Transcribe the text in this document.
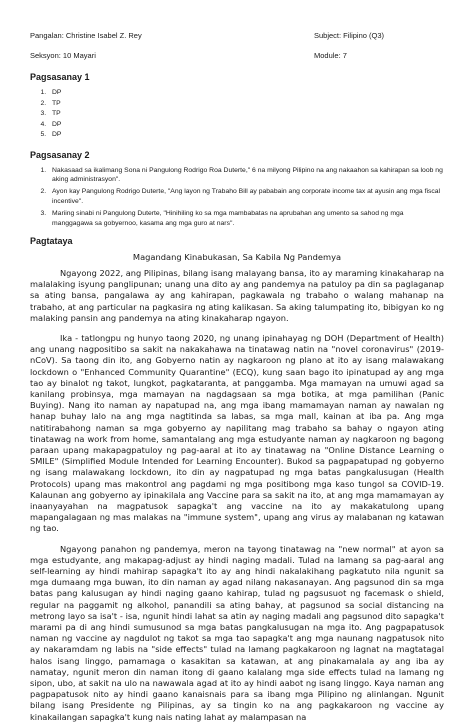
Pangalan: Christine Isabel Z. Rey	Subject: Filipino (Q3)
Seksyon: 10 Mayari	Module: 7
Pagsasanay 1
1. DP
2. TP
3. TP
4. DP
5. DP
Pagsasanay 2
1. Nakasaad sa ikalimang Sona ni Pangulong Rodrigo Roa Duterte," 6 na milyong Pilipino na ang nakaahon sa kahirapan sa loob ng aking administrasyon".
2. Ayon kay Pangulong Rodrigo Duterte, "Ang layon ng Trabaho Bill ay pababain ang corporate income tax at ayusin ang mga fiscal incentive".
3. Mariing sinabi ni Pangulong Duterte, "Hinihiling ko sa mga mambabatas na aprubahan ang umento sa sahod ng mga manggagawa sa gobyernoo, kasama ang mga guro at nars".
Pagtataya
Magandang Kinabukasan, Sa Kabila Ng Pandemya

Ngayong 2022, ang Pilipinas, bilang isang malayang bansa, ito ay maraming kinakaharap na malalaking isyung panglipunan; unang una dito ay ang pandemya na patuloy pa din sa paglaganap sa ating bansa, pangalawa ay ang kahirapan, pagkawala ng trabaho o walang mahanap na trabaho, at ang particular na pagkasira ng ating kalikasan. Sa aking talumpating ito, bibigyan ko ng malaking pansin ang pandemya na ating kinakaharap ngayon.

Ika - tatlongpu ng hunyo taong 2020, ng unang ipinahayag ng DOH (Department of Health) ang unang nagpositibo sa sakit na nakakahawa na tinatawag natin na "novel coronavirus" (2019-nCoV). Sa taong din ito, ang Gobyerno natin ay nagkaroon ng plano at ito ay isang malawakang lockdown o "Enhanced Community Quarantine" (ECQ), kung saan bago ito ipinatupad ay ang mga tao ay binalot ng takot, lungkot, pagkataranta, at panggamba. Mga mamayan na umuwi agad sa kanilang probinsya, mga mamayan na nagdagsaan sa mga botika, at mga pamilihan (Panic Buying). Nang ito naman ay napatupad na, ang mga ibang mamamayan naman ay nawalan ng hanap buhay lalo na ang mga nagtitinda sa labas, sa mga mall, kainan at iba pa. Ang mga natitirabahong naman sa mga gobyerno ay napilitang mag trabaho sa bahay o ngayon ating tinatawag na work from home, samantalang ang mga estudyante naman ay nagkaroon ng bagong paraan upang makapagpatuloy ng pag-aaral at ito ay tinatawag na "Online Distance Learning o SMILE" (Simplified Module Intended for Learning Encounter). Bukod sa pagpapatupad ng gobyerno ng isang malawakang lockdown, ito din ay nagpatupad ng mga batas pangkalusugan (Health Protocols) upang mas makontrol ang pagdami ng mga positibong mga kaso tungol sa COVID-19. Kalaunan ang gobyerno ay ipinakilala ang Vaccine para sa sakit na ito, at ang mga mamamayan ay inaanyayahan na magpatusok sapagka't ang vaccine na ito ay makakatulong upang mapangalagaan ng mas malakas na "immune system", upang ang virus ay malabanan ng katawan ng tao.

Ngayong panahon ng pandemya, meron na tayong tinatawag na "new normal" at ayon sa mga estudyante, ang makapag-adjust ay hindi naging madali. Tulad na lamang sa pag-aaral ang self-learning ay hindi mahirap sapagka't ito ay ang hindi nakalakihang pagkatuto nila ngunit sa mga dumaang mga buwan, ito din naman ay agad nilang nakasanayan. Ang pagsunod din sa mga batas pang kalusugan ay hindi naging gaano kahirap, tulad ng pagsusuot ng facemask o shield, regular na paggamit ng alkohol, panandili sa ating bahay, at pagsunod sa social distancing na metrong layo sa isa't - isa, ngunit hindi lahat sa atin ay naging madali ang pagsunod dito sapagka't marami pa di ang hindi sumusunod sa mga batas pangkalusugan na mga ito. Ang pagpapatusok naman ng vaccine ay nagdulot ng takot sa mga tao sapagka't ang mga naunang nagpatusok nito ay nakaramdam ng labis na "side effects" tulad na lamang pagkakaroon ng lagnat na magtatagal halos isang linggo, pamamaga o kasakitan sa katawan, at ang pinakamalala ay ang iba ay namatay, ngunit meron din naman itong di gaano kalalang mga side effects tulad na lamang ng sipon, ubo, at sakit na ulo na nawawala agad at ito ay hindi aabot ng isang linggo. Kaya naman ang pagpapatusok nito ay hindi gaano kanaisnais para sa ibang mga Pilipino ng alinlangan. Ngunit bilang isang Presidente ng Pilipinas, ay sa tingin ko na ang pagkakaroon ng vaccine ay kinakailangan sapagka't kung nais nating lahat ay malampasan na
